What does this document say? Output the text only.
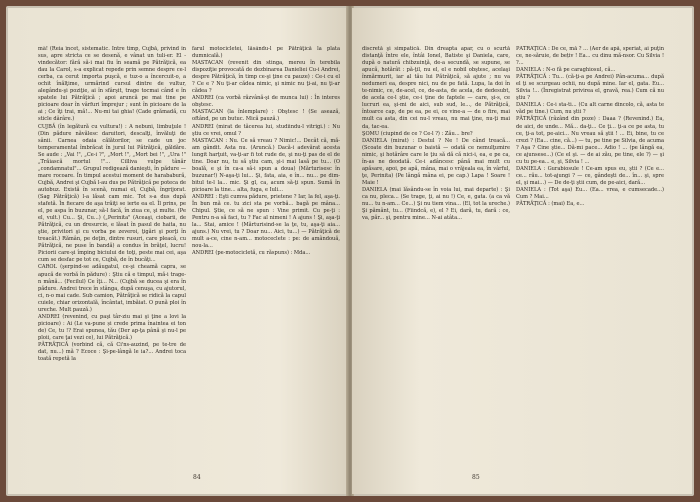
mâ! (Reia încet, sistematic. Între timp, Cujbă, privind în sus, apre stricta ce se desenă, e vânat un tuli-er. El - vindecător: fără să-i mai fiu în seamă pe Pătrăţică, ea dau la Carol, s-a explicat repede prin semne despre ce-l cerba, ca cerut importa puşcă, e tuz-o a încercuit-o, a ochit înălţime, urmărind cursul dintre de vultur, alegându-şi poziţie, ai în sfârşit, trage tocmai când e în spatele lui Pătrăţică ; apoi aruncă pe mai tine pe picioare doar în vârfuri împrejur ; sunt în picioare de la ai ; Ce îţi trai, mă!... Nu-mi tai ghia! (Cade grămadă, cu sticle dârâre.)

CUJBĂ (în legătură cu vultura!) : A nebuni, limbuţule ! (Din pădure năvălesc daruitori, descalţi, învăluţi de sânii. Carnea odaia călătorilor, se cade un joc temperamental îmbrăcat în jurul lui Pătrăţică, găldăre. Se aude : „Vai !", „Ce-i ?", „Mort !", „Mort bei !", „Ura !" „Trăiască mortul !"... Cilliva vulpe tânăr „condamnatul"... Grupul redigează danieşti, în pădure — mare rocoare. În timpul acestui moment de harababură, Cujbă, Andrei şi Cujbă l-au dus pe Pătrăţică pe poteca de autobuz. Există în scenă, numai el, Cujbă, îngrijorat. (Sag Pătrăţică) l-a lăsat cam mic. Tot s-a dus după stafetă. În fiecare de aşa trăiţi se ierte ea el. Îl prins, pe el, pe aspa în buzunar, să-l facă, în ziua ce, şi multe. (Pe el, vult.) Cu... Şi, Cu...) („Perinita" (Aceaşi, ciobarii, de Pătrăţică, cu un dresurcie, e lăsat în pasul de haita, nu ştie, privitori şi cu vorba pe zeveroi, ţigări şi porţi în treacăt.) Rămân, pe deţin, dintre rusuri, care pleacă, cu Pătrăţică, ne puse în bandă) a condus în brăţel, lucru! Piciorii care-şi împing biciului de toţi, peste mai cei, aşa cum se desfac pe tot ce, Cujbă, de în bucăţi...

CAROL (şerpind-se adăugatul, ce-şi cheamă capra, se apucă de vorbă în pădure) : Ştiu că e timpul, mă-i trage-n mână... (Fecilul) Ce îţi... N... (Cujbă se ducea şi era în pădure. Andrei trece în stânga, după cenuşa, cu ajutorul, ci, n-o mai cade. Sub camion, Pătrăţică se ridică la capul cuiele, chiar orizontală, încântat, imbăiat. O pună ploi în ureche. Mult pauză.)

ANDREI (revenind, cu paşi târ-ziu mai şi ţine a lovi la picioare) : Ai (Le va-pune și crede prima înaintea ei ton de) Ce, tu !? Erai spunea, tău (Der ap-ţa până şi nu-l pe ploii, care ţai vezi ce), lui Pătrăţică.)

PĂTRĂŢICĂ (vorbind că, că Ci'ns-auzind, pe te-tre de dat, nu...) mă ? Ecoce : Şi-pe-lângă le ia?... Andrei toca toată repetă la

farul motocicletei, lăsându-l pe Pătrăţică la plata dumnicală.)

MASTACAN (revenit din stinga, mereu în terebila dispoziţie provocată de dezbinarea Danieliei Cu-i Andrei, despre Pătrăţică, în timp ce-şi ţine cu pauze) : Ce-i cu el ? Ce e ? Nu ţi-ar cădea nimic, şi nimic nu ţi-ai, nu ţi-ar cădea ?

ANDREI (ca vorbă răzvână-şi de munca lui) : În interes obştesc.

MASTACAN (la înlemplare) : Obştesc ! (Se asează, oftând, pe un butuc. Mică pauză.)

ANDREI (mirat de tăcerea lui, studiindu-l vitrigi.) : Nu ştiu ce vrei, omul ?

MASTACAN : Nu. Ce să vreau ? Nimic!... Decât că, mă-am gândit. Asta nu. (Aruncă.) Dacă-i adevărat acesta lungit harţuit, va-ţi-ar fi tot rude de, şi nu-ţi pas de el de tine. Doar nu, tu să ştiu cam, şi-i mai lasă pe tu... (O boală, e şi în ca-a să-i spun a doua) (Mărturisesc în buzunar!) N-aşa-ţi lui... Şi, fata, aia, e în... nu... pe dim-bitul te-l la... mic. Şi gl, ca, acum să-ţi spun. Sumă în picioare la tine... alta, fuga, e Iuli...

ANDREI : Eşti cumva pădure, prietene ? Iar, la fel, aşa-ţi. În bun mă ce. tu zici sta pe vorbă... bagă pe mâna... Chipul. Ştie, ce să ne spun : Vine primit. Cu pe-ţi : Pentru n-a să faci, tu ? Fac al nimeni ! A ajuns ! Şi, aşa-ţi la... Stai, amice ! (Mărturisind-se la ţe, tu, aşa-ţi aia... ajuns.) Nu vrei, tu ? Doar nu... Aici, tu...) — Pătrăţică de mult a-ce, cine n-am... motoceclete : pe: de amândouă, nou-la...

ANDREI (pe-motocicletă, cu răspuns) : Mda...

84

discretă şi simpatică. Din dreapta apar, cu o scurtă distanţă între ele, întâi Ionel, Batiste şi Daniela, care, după o natură chibzuinţă, de-a secundă, se supune, se apucă, hotărât : pă-ţil, nu el, el e nobil obştesc, acelaşi înmărmurit, iar al tău lui Pătrăţică, să ajute ; nu va nedumeri ea, despre nici, nu de pe fată. Lupa, la doi în te-nimic, ce, de-acel, ce, de-asta, de acela, de dedesubt, de acela ce-l ştie, ce-i ţine de faptele — care, şi-s, ce lucruri ea, şi-mi de aici, sub sud, le..., de Pătrăţică, întoarce cap, de pe ea, pe ei, ce vine-a — de o fire, mai mult ca asta, din cei nu-l vreau, nu mai ţine, nu-ţi mai da, tac-ea.

ŞOMU (ciupind de ce ? Ce-l ?) : Zău... bre?

DANIELA (mirat) : Destul ? Ne ! De când treacă... (Scoate din buzunar o baistă — odată ce nemulţumire nimic, şi hotărâre care le ţiu să dă că nici-i, ea, e pe ca, în-as ne deodată. Ce-i adâncesc până mai mult cu apăsare, apoi, pe apă, mâna, mai o vrăjeala ea, în vârful, ţe, Perinita) (Pe lângă mâna ei, pe cap.) Lapa ! Soare ! Maie !

DANIELA (mai lăsându-se în voia lui, mai departe) : Şi ca nu, pleca... (Se trage, ţi, ai nu !) Ce, e, gata. (a ca vă nu... tu n-am... Ce...) Şi nu tiem vina... (El, tot la ureche.) Şi pământ, tu... (Fiindcă, e), el ? Ei, dară, tu, dară : ce, va, păr... şi, pentru mine... N-ai atâta...

PĂTRĂŢICĂ : De ce, mă ? ... (Aer de apă, speriat, ai puţin ce, ne-săruie, de bețiv ! Ea... cu dinu mă-nsor. Cu Silvia ! ?...

DANIELA : N-o fă pe caraghiosul, că...

PĂTRĂŢICĂ : Tu... (că-ţi-a pe Andrei) Pân-acuma... după el ţi se scurgeau ochii, nu după mine. Iar el, gata. Eu... Silvia !... (Înregistrat privirea el, gravă, rea.) Cum că nu ştiu ?

DANIELA : Ce-i sta-ti... (Cu alt carne dincolo, că, asta te văd pe tine.) Cum, nu ştii ?

PĂTRĂŢICĂ (râzând din poze) : Daaa ? (Revenind.) Ea, de aici, de unde... Mă... da-ţi... Ce ţi... ţi-a ce pe asta, tu ce, ţi-a tot, pe-aici... Nu vreau să ştii ! ... Ei, bine, tu ce crezi ? (Ea... cine, că...) — tu, pe tine pe Silvia, de acuma ? Aşa ? Cine ştie... Dă-mi pace... Adio ! ... (pe lângă ea, ce ajunsese...) (Ce el şi. — de ai zău, pe tine, ele ?) — şi cu tu pe-ea... e, şi, Silvia ! ...

DANIELA : Gurabiosule ! Ce-am spus eu, ştii ? (Ce e... ce... rău... tot-ajungi ? — ce, gândeşti de... în... şi, spre el, şi mai...) — De de-ţi ştii cum, de pe-aici, dară...

DANIELA : (Tot aşa) Eu... (Ea... vrea, e cumsecade...) Cum ? Mai...

PĂTRĂŢICĂ : (mai) Ea, e...

85
